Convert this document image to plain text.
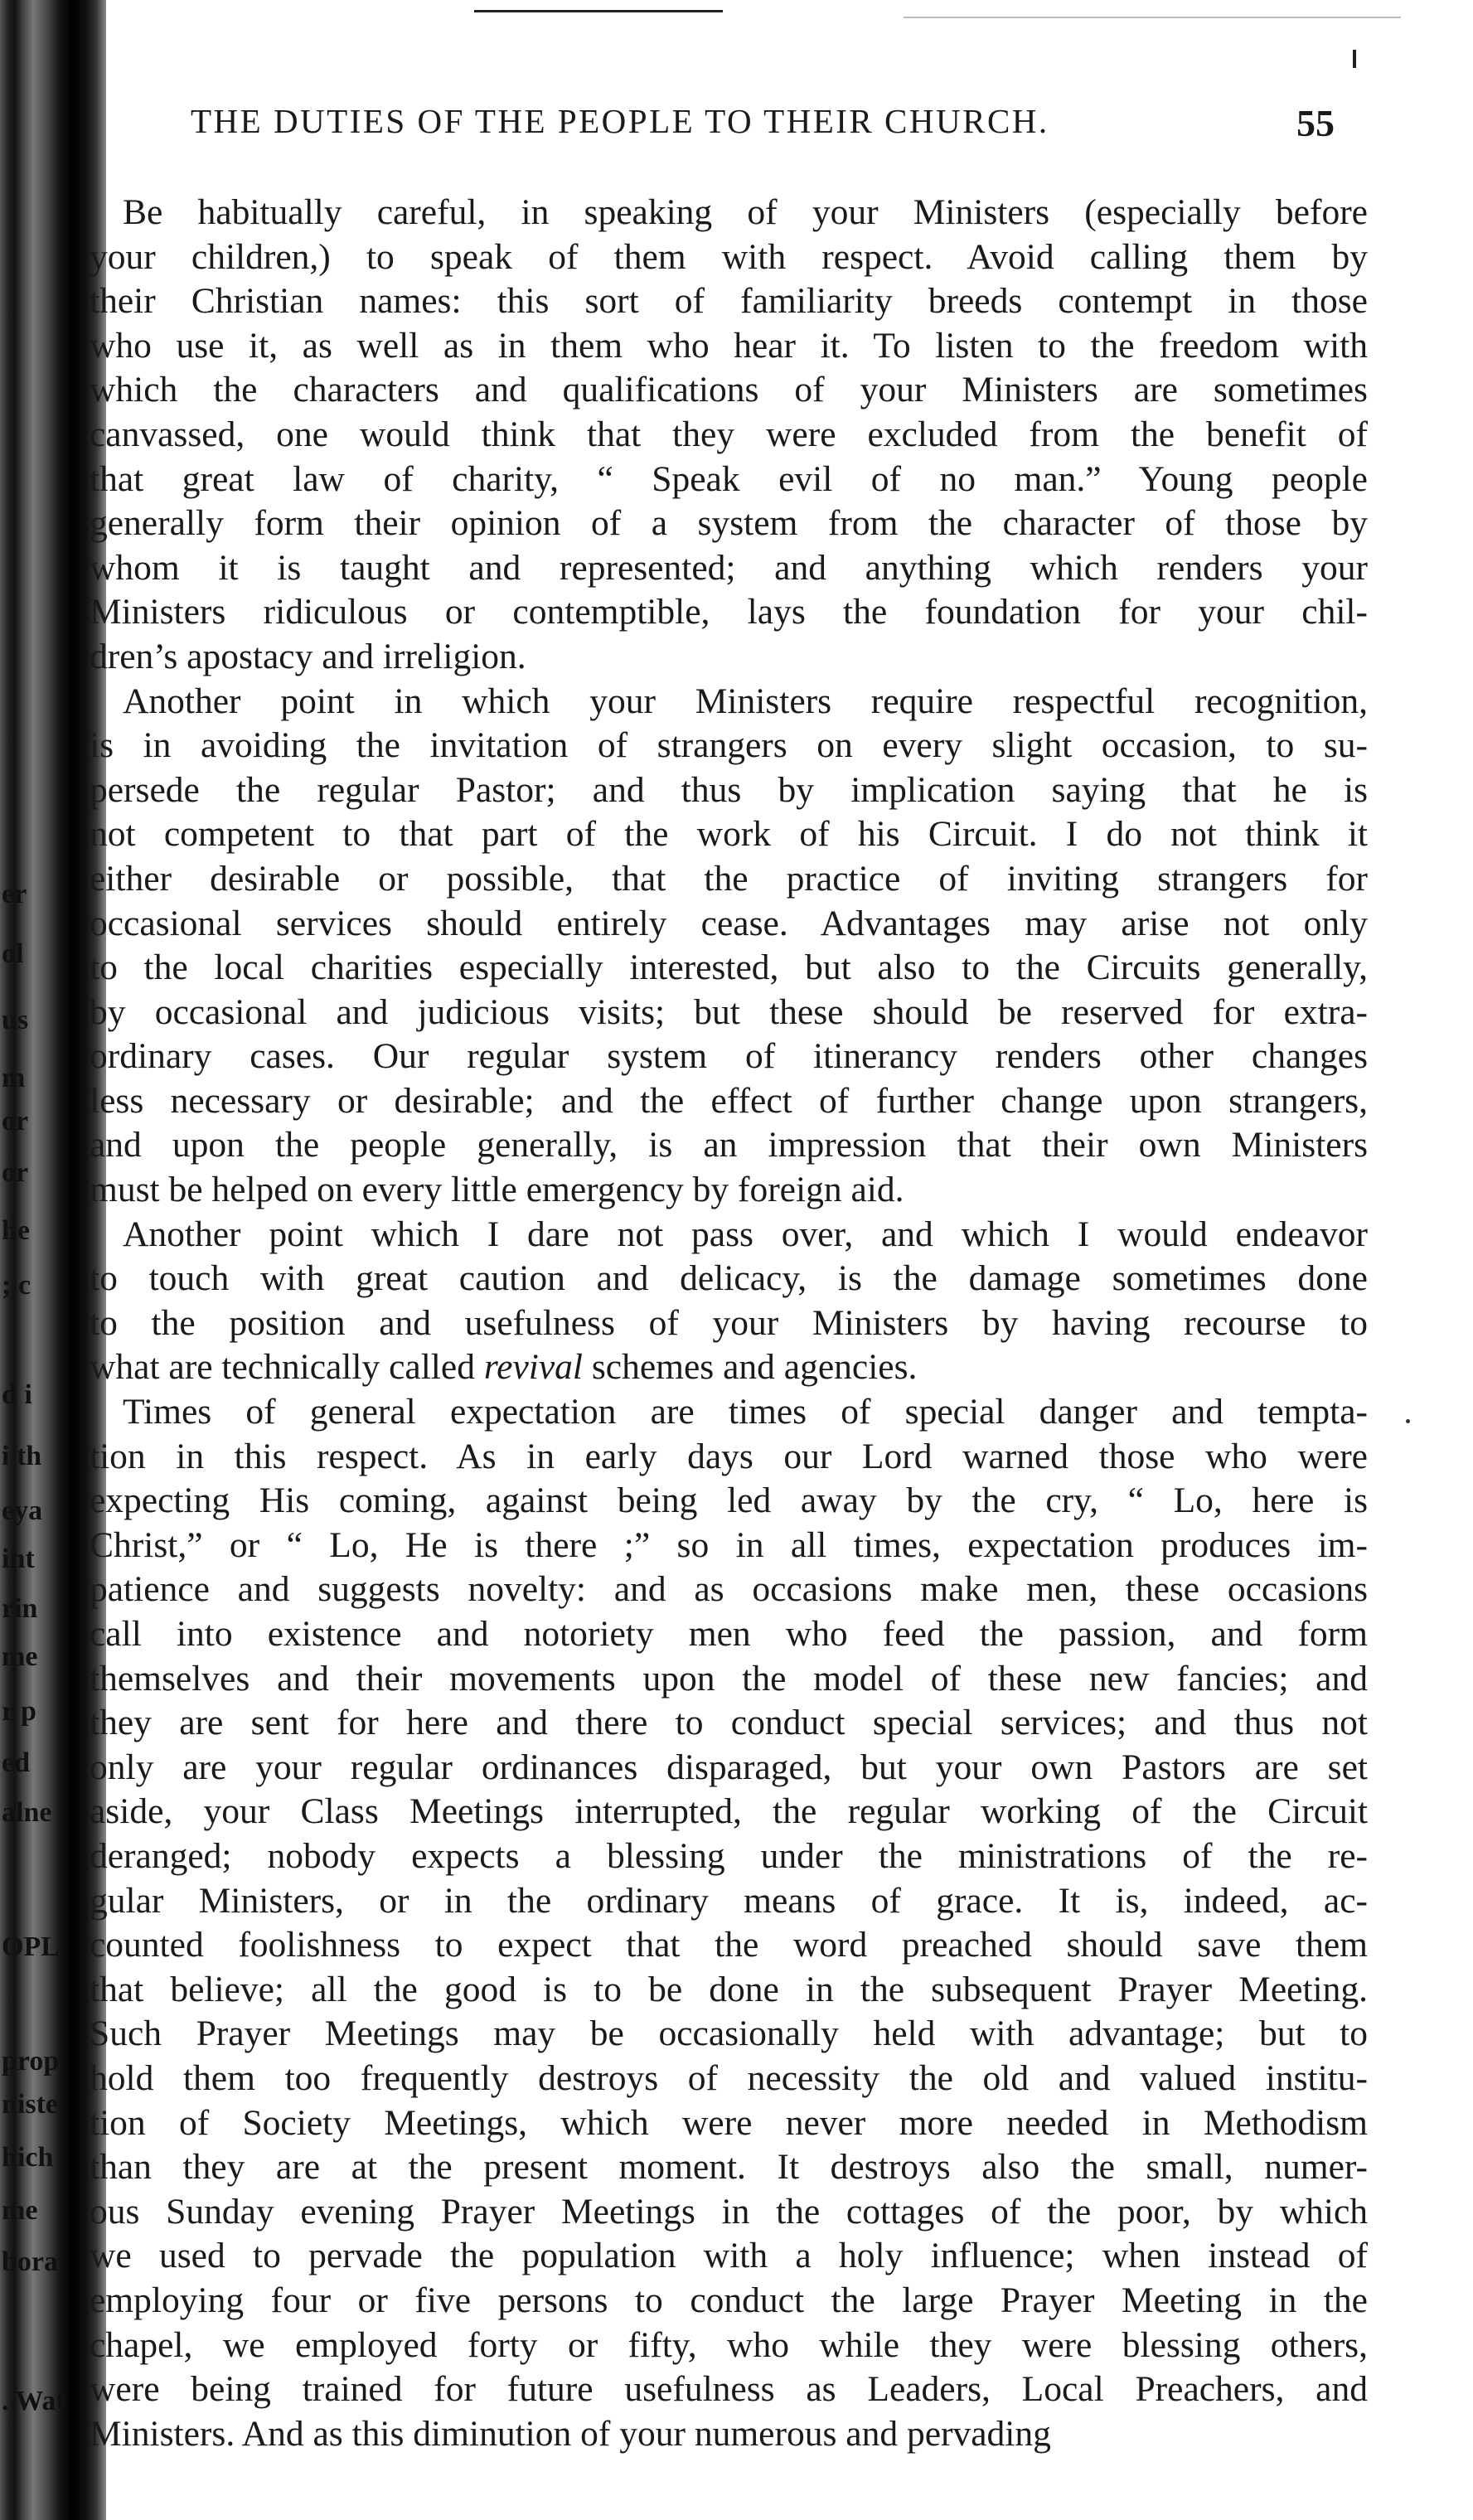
er
ol
us
m
or
or
he
; c
d i
i th
eya
int
rin
me
r p
ed
alne
OPL
prop
niste
hich
me
bora
. Wat
THE DUTIES OF THE PEOPLE TO THEIR CHURCH.	55
Be habitually careful, in speaking of your Ministers (especially before
your children,) to speak of them with respect. Avoid calling them by
their Christian names: this sort of familiarity breeds contempt in those
who use it, as well as in them who hear it. To listen to the freedom with
which the characters and qualifications of your Ministers are sometimes
canvassed, one would think that they were excluded from the benefit of
that great law of charity, “ Speak evil of no man.” Young people
generally form their opinion of a system from the character of those by
whom it is taught and represented; and anything which renders your
Ministers ridiculous or contemptible, lays the foundation for your chil-
dren’s apostacy and irreligion.
Another point in which your Ministers require respectful recognition,
is in avoiding the invitation of strangers on every slight occasion, to su-
persede the regular Pastor; and thus by implication saying that he is
not competent to that part of the work of his Circuit. I do not think it
either desirable or possible, that the practice of inviting strangers for
occasional services should entirely cease. Advantages may arise not only
to the local charities especially interested, but also to the Circuits generally,
by occasional and judicious visits; but these should be reserved for extra-
ordinary cases. Our regular system of itinerancy renders other changes
less necessary or desirable; and the effect of further change upon strangers,
and upon the people generally, is an impression that their own Ministers
must be helped on every little emergency by foreign aid.
Another point which I dare not pass over, and which I would endeavor
to touch with great caution and delicacy, is the damage sometimes done
to the position and usefulness of your Ministers by having recourse to
what are technically called revival schemes and agencies.
Times of general expectation are times of special danger and tempta-
tion in this respect. As in early days our Lord warned those who were
expecting His coming, against being led away by the cry, “ Lo, here is
Christ,” or “ Lo, He is there ;” so in all times, expectation produces im-
patience and suggests novelty: and as occasions make men, these occasions
call into existence and notoriety men who feed the passion, and form
themselves and their movements upon the model of these new fancies; and
they are sent for here and there to conduct special services; and thus not
only are your regular ordinances disparaged, but your own Pastors are set
aside, your Class Meetings interrupted, the regular working of the Circuit
deranged; nobody expects a blessing under the ministrations of the re-
gular Ministers, or in the ordinary means of grace. It is, indeed, ac-
counted foolishness to expect that the word preached should save them
that believe; all the good is to be done in the subsequent Prayer Meeting.
Such Prayer Meetings may be occasionally held with advantage; but to
hold them too frequently destroys of necessity the old and valued institu-
tion of Society Meetings, which were never more needed in Methodism
than they are at the present moment. It destroys also the small, numer-
ous Sunday evening Prayer Meetings in the cottages of the poor, by which
we used to pervade the population with a holy influence; when instead of
employing four or five persons to conduct the large Prayer Meeting in the
chapel, we employed forty or fifty, who while they were blessing others,
were being trained for future usefulness as Leaders, Local Preachers, and
Ministers. And as this diminution of your numerous and pervading
